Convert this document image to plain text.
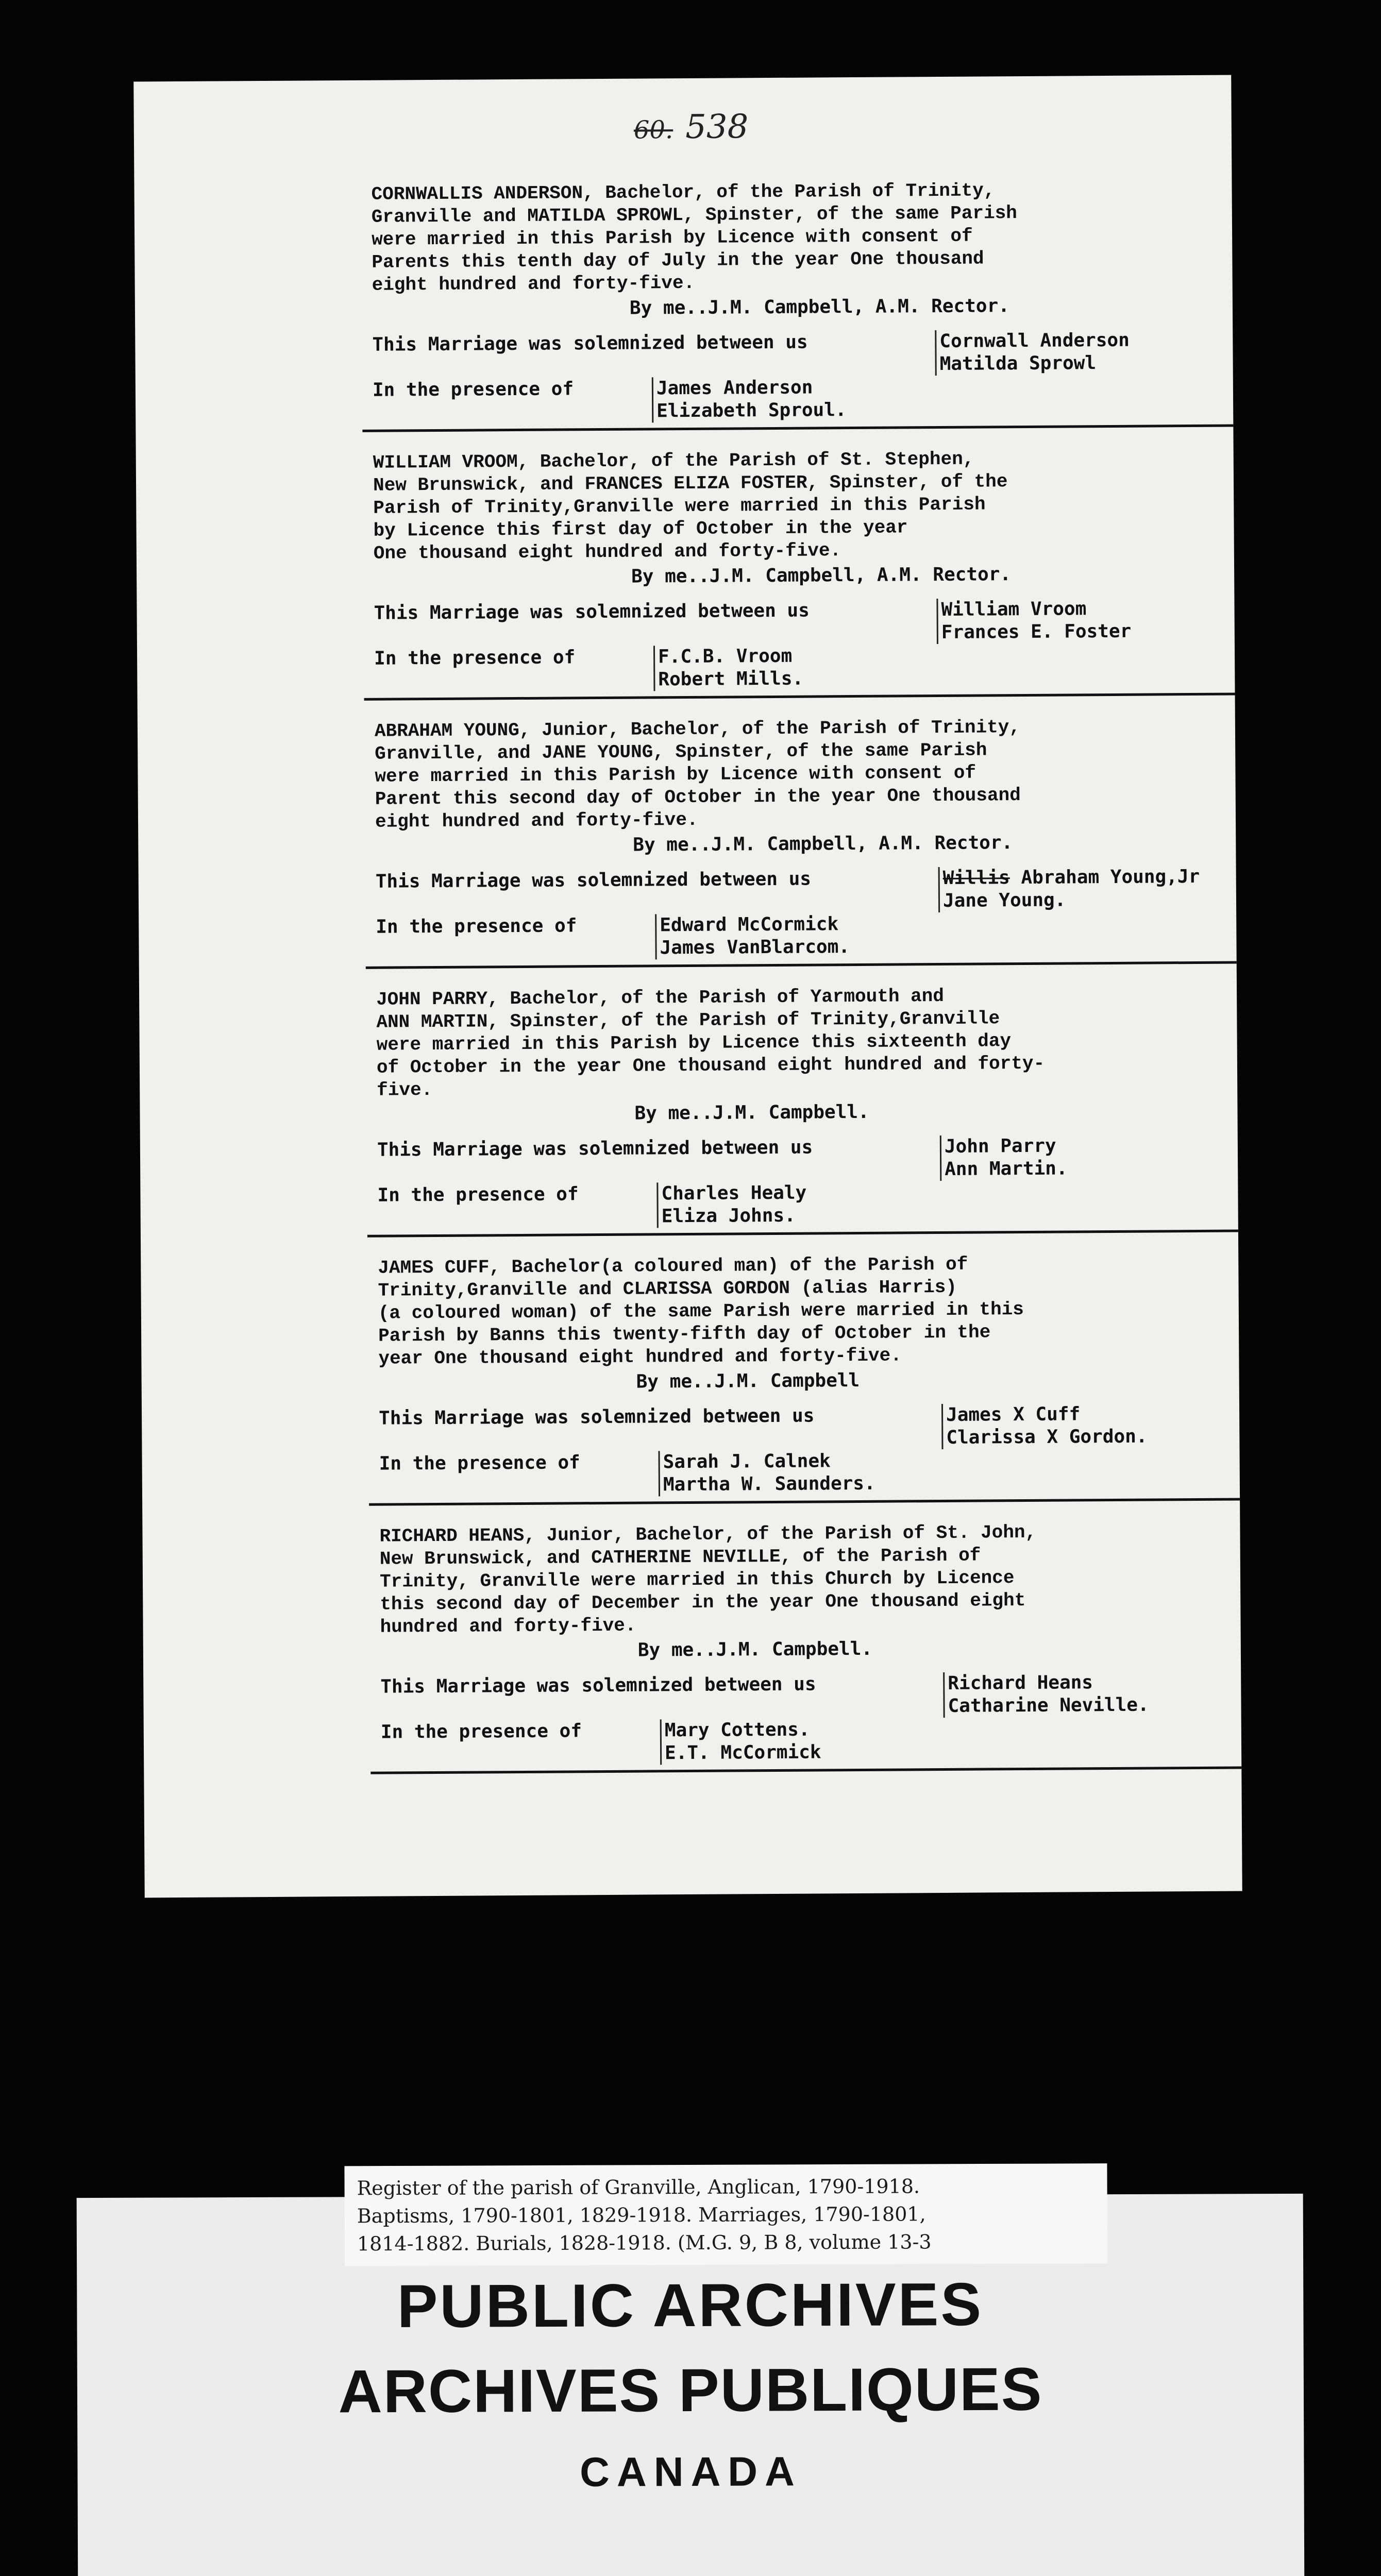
60. 538
CORNWALLIS ANDERSON, Bachelor, of the Parish of Trinity,
Granville and MATILDA SPROWL, Spinster, of the same Parish
were married in this Parish by Licence with consent of
Parents this tenth day of July in the year One thousand
eight hundred and forty-five.
By me..J.M. Campbell, A.M. Rector.
This Marriage was solemnized between us	Cornwall Anderson
Matilda Sprowl
In the presence of	James Anderson
Elizabeth Sproul.
WILLIAM VROOM, Bachelor, of the Parish of St. Stephen,
New Brunswick, and FRANCES ELIZA FOSTER, Spinster, of the
Parish of Trinity,Granville were married in this Parish
by Licence this first day of October in the year
One thousand eight hundred and forty-five.
By me..J.M. Campbell, A.M. Rector.
This Marriage was solemnized between us	William Vroom
Frances E. Foster
In the presence of	F.C.B. Vroom
Robert Mills.
ABRAHAM YOUNG, Junior, Bachelor, of the Parish of Trinity,
Granville, and JANE YOUNG, Spinster, of the same Parish
were married in this Parish by Licence with consent of
Parent this second day of October in the year One thousand
eight hundred and forty-five.
By me..J.M. Campbell, A.M. Rector.
This Marriage was solemnized between us	Willis Abraham Young,Jr
Jane Young.
In the presence of	Edward McCormick
James VanBlarcom.
JOHN PARRY, Bachelor, of the Parish of Yarmouth and
ANN MARTIN, Spinster, of the Parish of Trinity,Granville
were married in this Parish by Licence this sixteenth day
of October in the year One thousand eight hundred and forty-
five.
By me..J.M. Campbell.
This Marriage was solemnized between us	John Parry
Ann Martin.
In the presence of	Charles Healy
Eliza Johns.
JAMES CUFF, Bachelor(a coloured man) of the Parish of
Trinity,Granville and CLARISSA GORDON (alias Harris)
(a coloured woman) of the same Parish were married in this
Parish by Banns this twenty-fifth day of October in the
year One thousand eight hundred and forty-five.
By me..J.M. Campbell
This Marriage was solemnized between us	James X Cuff
Clarissa X Gordon.
In the presence of	Sarah J. Calnek
Martha W. Saunders.
RICHARD HEANS, Junior, Bachelor, of the Parish of St. John,
New Brunswick, and CATHERINE NEVILLE, of the Parish of
Trinity, Granville were married in this Church by Licence
this second day of December in the year One thousand eight
hundred and forty-five.
By me..J.M. Campbell.
This Marriage was solemnized between us	Richard Heans
Catharine Neville.
In the presence of	Mary Cottens.
E.T. McCormick
Register of the parish of Granville, Anglican, 1790-1918.
Baptisms, 1790-1801, 1829-1918. Marriages, 1790-1801,
1814-1882. Burials, 1828-1918. (M.G. 9, B 8, volume 13-3
PUBLIC ARCHIVES
ARCHIVES PUBLIQUES
CANADA
